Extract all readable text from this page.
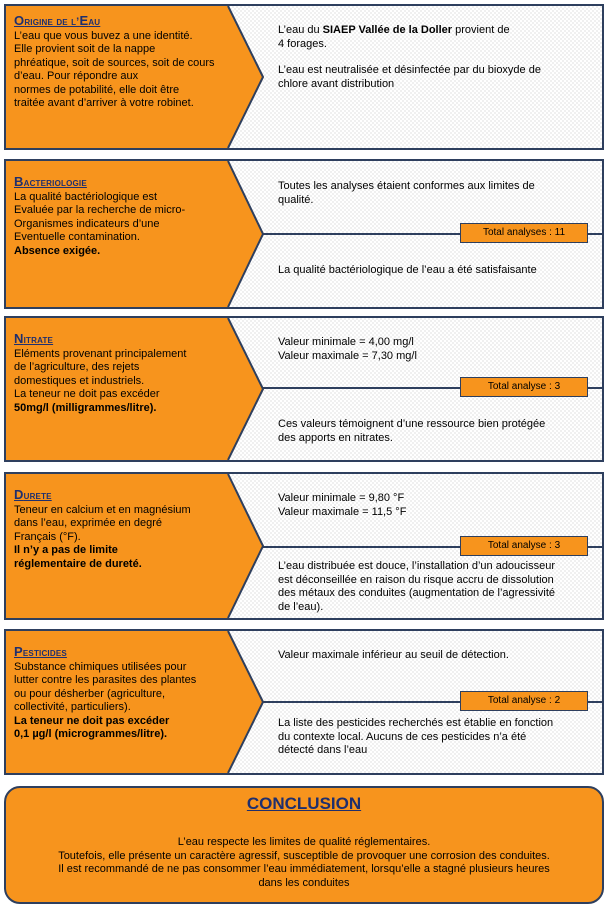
Origine de l’Eau
L’eau que vous buvez a une identité.
Elle provient soit de la nappe
phréatique, soit de sources, soit de cours
d’eau. Pour répondre aux
normes de potabilité, elle doit être
traitée avant d’arriver à votre robinet.
L’eau du SIAEP Vallée de la Doller provient de
4 forages.
L’eau est neutralisée et désinfectée par du bioxyde de
chlore avant distribution
Bacteriologie
La qualité bactériologique est
Evaluée par la recherche de micro-
Organismes indicateurs d’une
Eventuelle contamination.
Absence exigée.
Toutes les analyses étaient conformes aux limites de
qualité.
Total analyses : 11
La qualité bactériologique de l’eau a été satisfaisante
Nitrate
Eléments provenant principalement
de l’agriculture, des rejets
domestiques et industriels.
La teneur ne doit pas excéder
50mg/l (milligrammes/litre).
Valeur minimale = 4,00 mg/l
Valeur maximale = 7,30 mg/l
Total analyse : 3
Ces valeurs témoignent d’une ressource bien protégée
des apports en nitrates.
Durete
Teneur en calcium et en magnésium
dans l’eau, exprimée en degré
Français (°F).
Il n’y a pas de limite
réglementaire de dureté.
Valeur minimale = 9,80 °F
Valeur maximale = 11,5 °F
Total analyse : 3
L’eau distribuée est douce, l’installation d’un adoucisseur
est déconseillée en raison du risque accru de dissolution
des métaux des conduites (augmentation de l’agressivité
de l’eau).
Pesticides
Substance chimiques utilisées pour
lutter contre les parasites des plantes
ou pour désherber (agriculture,
collectivité, particuliers).
La teneur ne doit pas excéder
0,1 µg/l (microgrammes/litre).
Valeur maximale inférieur au seuil de détection.
Total analyse : 2
La liste des pesticides recherchés est établie en fonction
du contexte local. Aucuns de ces pesticides n’a été
détecté dans l’eau
CONCLUSION
L’eau respecte les limites de qualité réglementaires.
Toutefois, elle présente un caractère agressif, susceptible de provoquer une corrosion des conduites.
Il est recommandé de ne pas consommer l’eau immédiatement, lorsqu’elle a stagné plusieurs heures
dans les conduites
